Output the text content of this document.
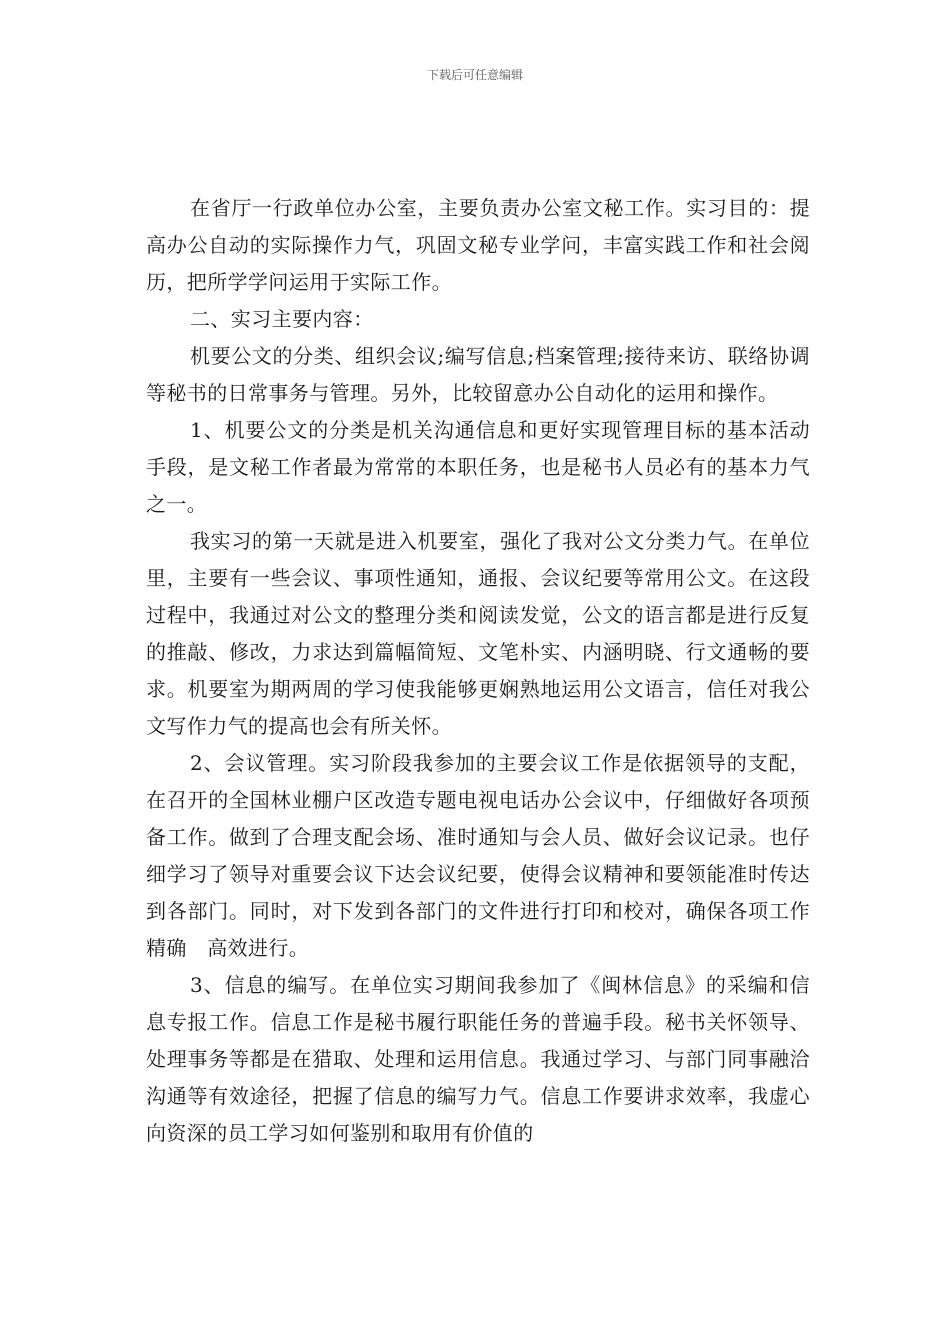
下载后可任意编辑

在省厅一行政单位办公室，主要负责办公室文秘工作。实习目的：提高办公自动的实际操作力气，巩固文秘专业学问，丰富实践工作和社会阅历，把所学学问运用于实际工作。

二、实习主要内容：

机要公文的分类、组织会议;编写信息;档案管理;接待来访、联络协调等秘书的日常事务与管理。另外，比较留意办公自动化的运用和操作。

1、机要公文的分类是机关沟通信息和更好实现管理目标的基本活动手段，是文秘工作者最为常常的本职任务，也是秘书人员必有的基本力气之一。

我实习的第一天就是进入机要室，强化了我对公文分类力气。在单位里，主要有一些会议、事项性通知，通报、会议纪要等常用公文。在这段过程中，我通过对公文的整理分类和阅读发觉，公文的语言都是进行反复的推敲、修改，力求达到篇幅简短、文笔朴实、内涵明晓、行文通畅的要求。机要室为期两周的学习使我能够更娴熟地运用公文语言，信任对我公文写作力气的提高也会有所关怀。

2、会议管理。实习阶段我参加的主要会议工作是依据领导的支配，在召开的全国林业棚户区改造专题电视电话办公会议中，仔细做好各项预备工作。做到了合理支配会场、准时通知与会人员、做好会议记录。也仔细学习了领导对重要会议下达会议纪要，使得会议精神和要领能准时传达到各部门。同时，对下发到各部门的文件进行打印和校对，确保各项工作精确　高效进行。

3、信息的编写。在单位实习期间我参加了《闽林信息》的采编和信息专报工作。信息工作是秘书履行职能任务的普遍手段。秘书关怀领导、处理事务等都是在猎取、处理和运用信息。我通过学习、与部门同事融洽沟通等有效途径，把握了信息的编写力气。信息工作要讲求效率，我虚心向资深的员工学习如何鉴别和取用有价值的
